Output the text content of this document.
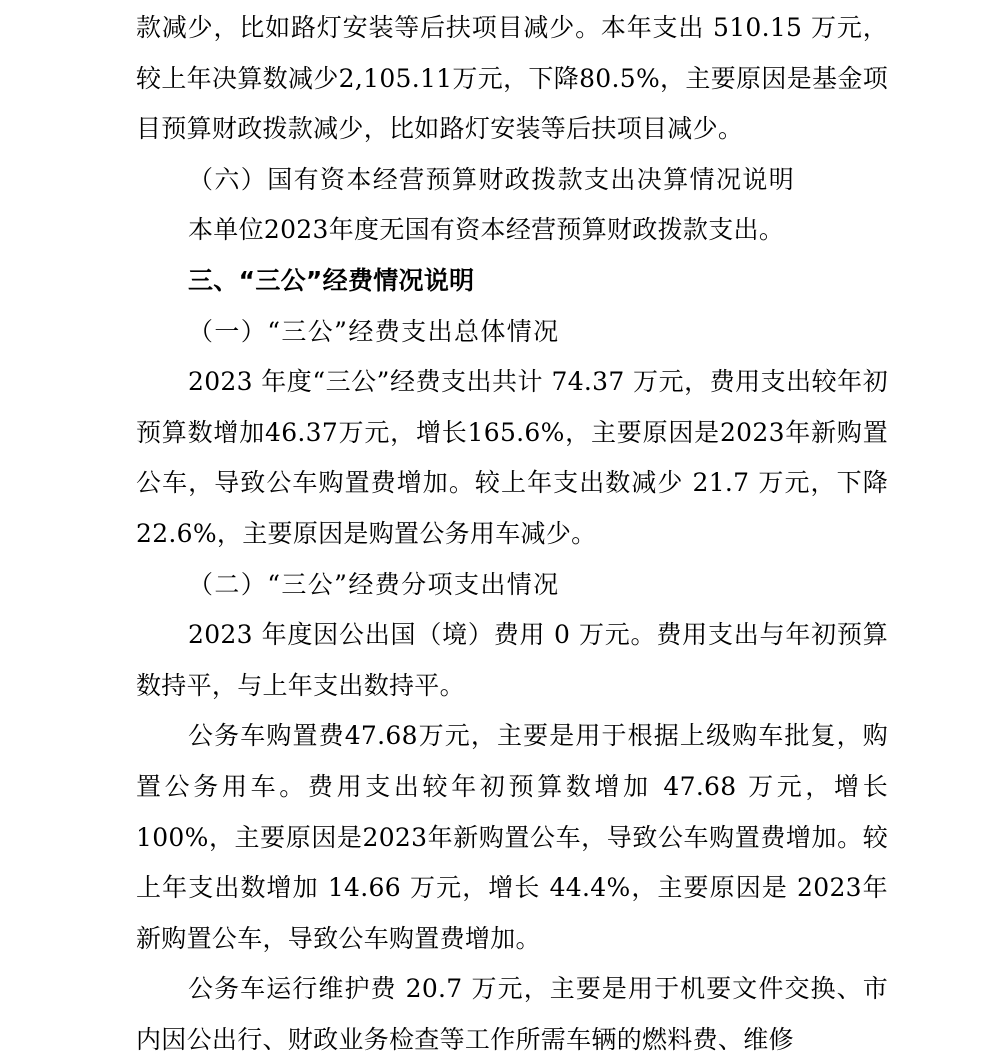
款减少，比如路灯安装等后扶项目减少。本年支出 510.15 万元，较上年决算数减少2,105.11万元，下降80.5%，主要原因是基金项目预算财政拨款减少，比如路灯安装等后扶项目减少。

（六）国有资本经营预算财政拨款支出决算情况说明

本单位2023年度无国有资本经营预算财政拨款支出。

三、“三公”经费情况说明

（一）“三公”经费支出总体情况

2023 年度“三公”经费支出共计 74.37 万元，费用支出较年初预算数增加46.37万元，增长165.6%，主要原因是2023年新购置公车，导致公车购置费增加。较上年支出数减少 21.7 万元，下降22.6%，主要原因是购置公务用车减少。

（二）“三公”经费分项支出情况

2023 年度因公出国（境）费用 0 万元。费用支出与年初预算数持平，与上年支出数持平。

公务车购置费47.68万元，主要是用于根据上级购车批复，购置公务用车。费用支出较年初预算数增加 47.68 万元，增长100%，主要原因是2023年新购置公车，导致公车购置费增加。较上年支出数增加 14.66 万元，增长 44.4%，主要原因是 2023年新购置公车，导致公车购置费增加。

公务车运行维护费 20.7 万元，主要是用于机要文件交换、市内因公出行、财政业务检查等工作所需车辆的燃料费、维修
